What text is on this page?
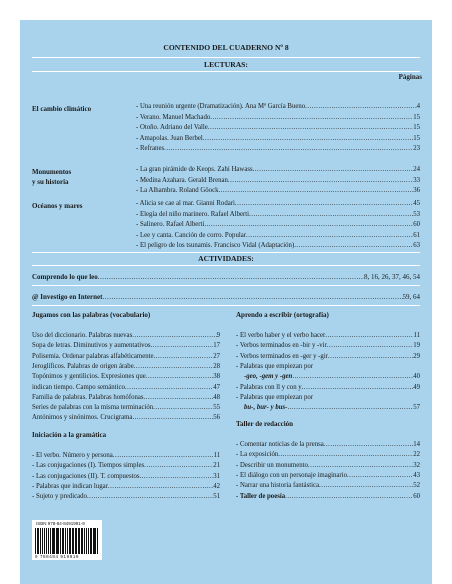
CONTENIDO DEL CUADERNO Nº 8
LECTURAS:
Páginas
El cambio climático	- Una reunión urgente (Dramatización). Ana Mª García Bueno .....	4
- Verano. Manuel Machado .....	15
- Otoño. Adriano del Valle .....	15
- Amapolas. Juan Berbel .....	15
- Refranes .....	23
Monumentos
y su historia
- La gran pirámide de Keops. Zahi Hawass .....	24
- Medina Azahara. Gerald Brenan .....	33
- La Alhambra. Roland Göock .....	36
Océanos y mares	- Alicia se cae al mar. Gianni Rodari .....	45
- Elegía del niño marinero. Rafael Alberti .....	53
- Salinero. Rafael Alberti .....	60
- Lee y canta. Canción de corro. Popular .....	61
- El peligro de los tsunamis. Francisco Vidal (Adaptación) .....	63
ACTIVIDADES:
Comprendo lo que leo .....	8, 16, 26, 37, 46, 54
@ Investigo en Internet .....	59, 64
Jugamos con las palabras (vocabulario)	Aprendo a escribir (ortografía)
Uso del diccionario. Palabras nuevas .....	9
Sopa de letras. Diminutivos y aumentativos .....	17
Polisemia. Ordenar palabras alfabéticamente .....	27
Jeroglíficos. Palabras de origen árabe .....	28
Topónimos y gentilicios. Expresiones que .....	38
indican tiempo. Campo semántico .....	47
Familia de palabras. Palabras homófonas .....	48
Series de palabras con la misma terminación .....	55
Antónimos y sinónimos. Crucigrama .....	56
- El verbo haber y el verbo hacer .....	11
- Verbos terminados en -bir y -vir .....	19
- Verbos terminados en -ger y -gir .....	29
- Palabras que empiezan por
-geo, -gem y -gen .....	40
- Palabras con ll y con y .....	49
- Palabras que empiezan por
bu-, bur- y bus- .....	57
Taller de redacción
Iniciación a la gramática
- El verbo. Número y persona .....	11
- Las conjugaciones (I). Tiempos simples .....	21
- Las conjugaciones (II). T. compuestos .....	31
- Palabras que indican lugar .....	42
- Sujeto y predicado .....	51
- Comentar noticias de la prensa .....	14
- La exposición .....	22
- Describir un monumento .....	32
- El diálogo con un personaje imaginario .....	43
- Narrar una historia fantástica .....	52
- Taller de poesía .....	60
ISBN 978-84-8491991-9
9 788484 919919
